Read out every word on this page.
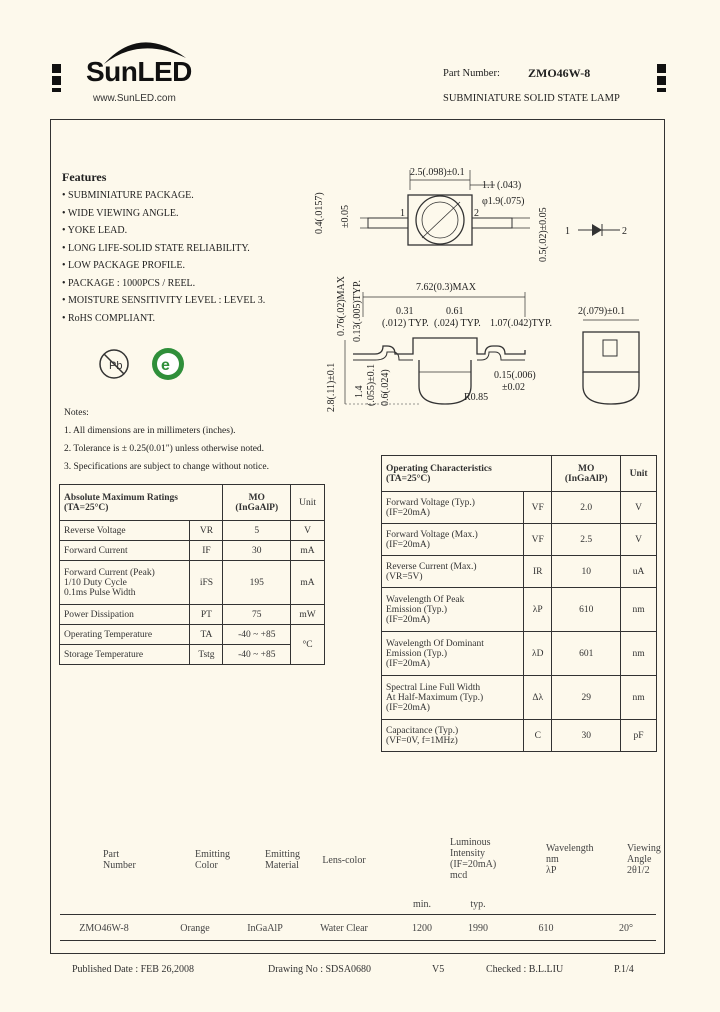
SunLED
www.SunLED.com
Part Number: ZMO46W-8
SUBMINIATURE SOLID STATE LAMP
Features
• SUBMINIATURE PACKAGE.
• WIDE VIEWING ANGLE.
• YOKE LEAD.
• LONG LIFE-SOLID STATE RELIABILITY.
• LOW PACKAGE PROFILE.
• PACKAGE : 1000PCS / REEL.
• MOISTURE SENSITIVITY LEVEL : LEVEL 3.
• RoHS COMPLIANT.
Pb e
2.5(.098)±0.1
1.1 (.043)
φ1.9(.075)
1	2
1	2
0.4(.0157) ±0.05	0.5(.02)±0.05
7.62(0.3)MAX
0.76(.02)MAX 0.13(.005)TYP.	0.31
(.012) TYP.
0.61
(.024) TYP. 1.07(.042)TYP.
2(.079)±0.1
2.8(.11)±0.1 1.4 (.055)±0.1 0.6(.024)	R0.85
0.15(.006)
±0.02
Notes:
1. All dimensions are in millimeters (inches).
2. Tolerance is ± 0.25(0.01") unless otherwise noted.
3. Specifications are subject to change without notice.
Absolute Maximum Ratings
(TA=25°C)		MO
(InGaAlP)	Unit
Reverse Voltage	VR	5	V
Forward Current	IF	30	mA
Forward Current (Peak)
1/10 Duty Cycle
0.1ms Pulse Width	iFS	195	mA
Power Dissipation	PT	75	mW
Operating Temperature	TA	-40 ~ +85	°C
Storage Temperature	Tstg	-40 ~ +85	
Operating Characteristics
(TA=25°C)		MO
(InGaAlP)	Unit
Forward Voltage (Typ.)
(IF=20mA)	VF	2.0	V
Forward Voltage (Max.)
(IF=20mA)	VF	2.5	V
Reverse Current (Max.)
(VR=5V)	IR	10	uA
Wavelength Of Peak
Emission (Typ.)
(IF=20mA)	λP	610	nm
Wavelength Of Dominant
Emission (Typ.)
(IF=20mA)	λD	601	nm
Spectral Line Full Width
At Half-Maximum (Typ.)
(IF=20mA)	Δλ	29	nm
Capacitance (Typ.)
(VF=0V, f=1MHz)	C	30	pF
Part

Number
Emitting

Color
Emitting

Material	Lens-color
Luminous

Intensity

(IF=20mA)

mcd
Wavelength

nm

λP
Viewing

Angle

2θ1/2
min.	typ.
ZMO46W-8	Orange	InGaAlP	Water Clear	1200	1990	610	20°
Published Date : FEB 26,2008	Drawing No : SDSA0680	V5	Checked : B.L.LIU	P.1/4
